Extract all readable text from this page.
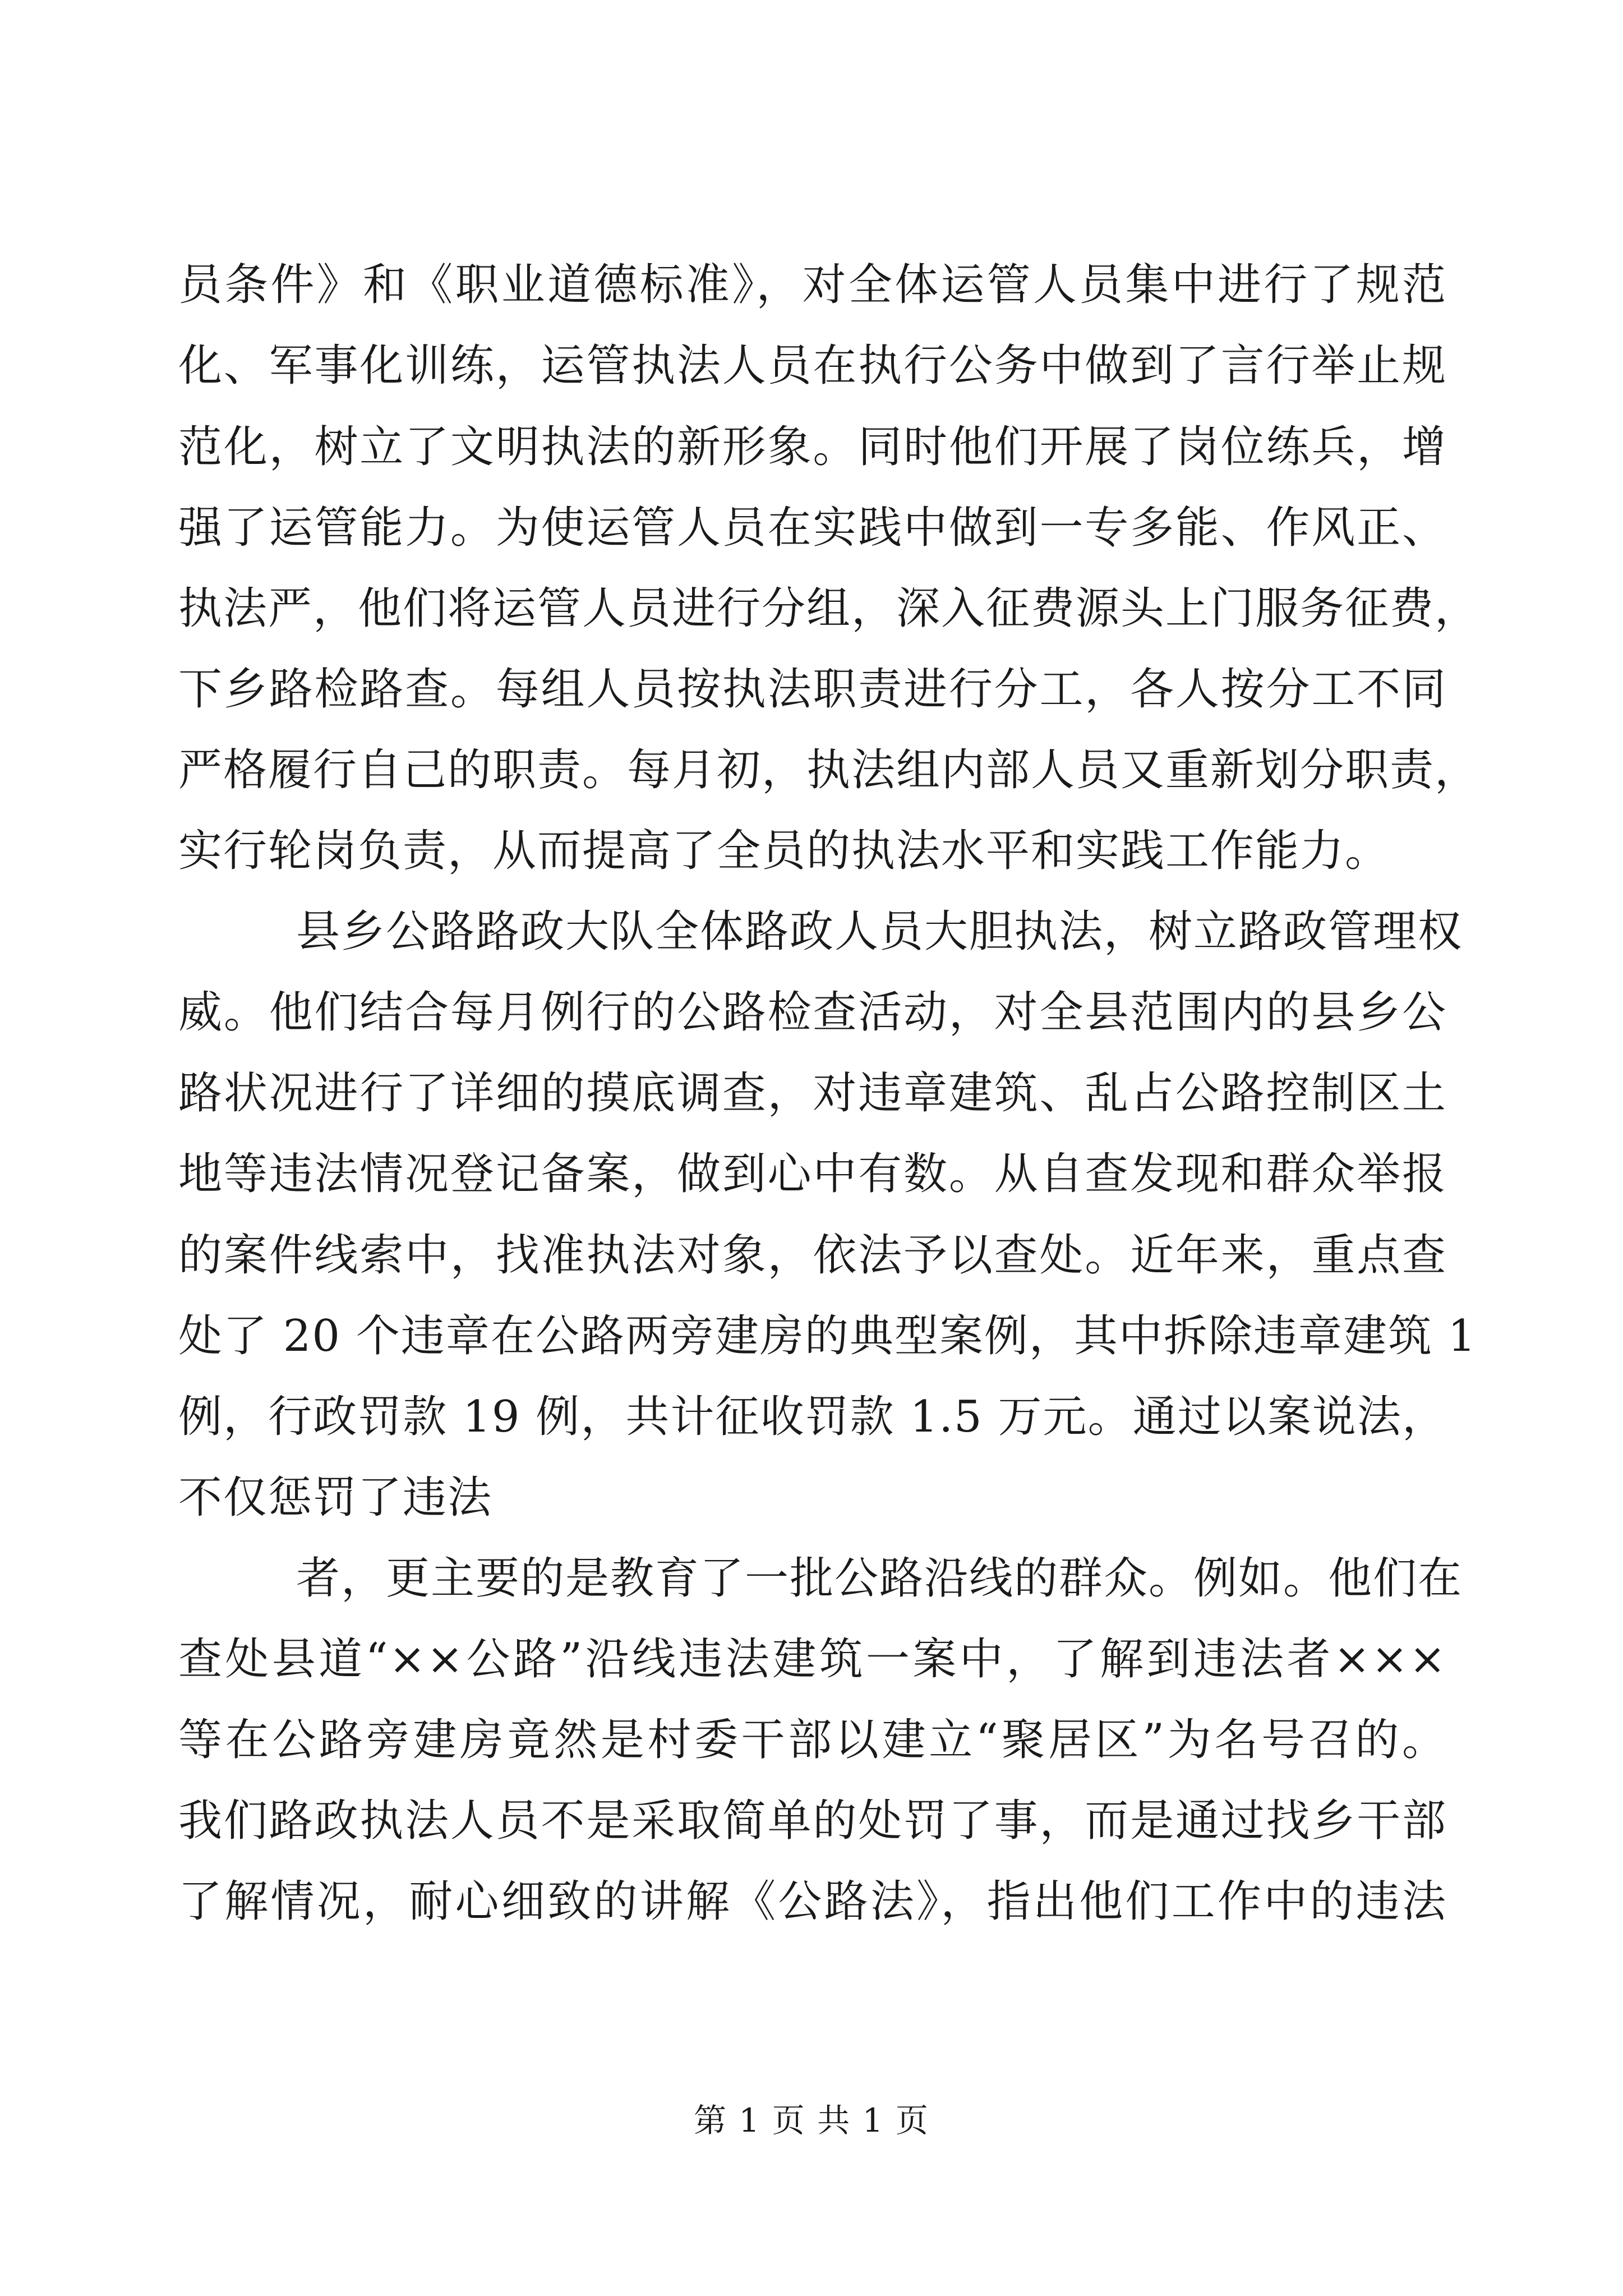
员条件》和《职业道德标准》，对全体运管人员集中进行了规范
化、军事化训练，运管执法人员在执行公务中做到了言行举止规
范化，树立了文明执法的新形象。同时他们开展了岗位练兵，增
强了运管能力。为使运管人员在实践中做到一专多能、作风正、
执法严，他们将运管人员进行分组，深入征费源头上门服务征费，
下乡路检路查。每组人员按执法职责进行分工，各人按分工不同
严格履行自己的职责。每月初，执法组内部人员又重新划分职责，
实行轮岗负责，从而提高了全员的执法水平和实践工作能力。
县乡公路路政大队全体路政人员大胆执法，树立路政管理权
威。他们结合每月例行的公路检查活动，对全县范围内的县乡公
路状况进行了详细的摸底调查，对违章建筑、乱占公路控制区土
地等违法情况登记备案，做到心中有数。从自查发现和群众举报
的案件线索中，找准执法对象，依法予以查处。近年来，重点查
处了 20 个违章在公路两旁建房的典型案例，其中拆除违章建筑 1
例，行政罚款 19 例，共计征收罚款 1.5 万元。通过以案说法，
不仅惩罚了违法
者，更主要的是教育了一批公路沿线的群众。例如。他们在
查处县道“××公路”沿线违法建筑一案中，了解到违法者×××
等在公路旁建房竟然是村委干部以建立“聚居区”为名号召的。
我们路政执法人员不是采取简单的处罚了事，而是通过找乡干部
了解情况，耐心细致的讲解《公路法》，指出他们工作中的违法
第 1 页 共 1 页
